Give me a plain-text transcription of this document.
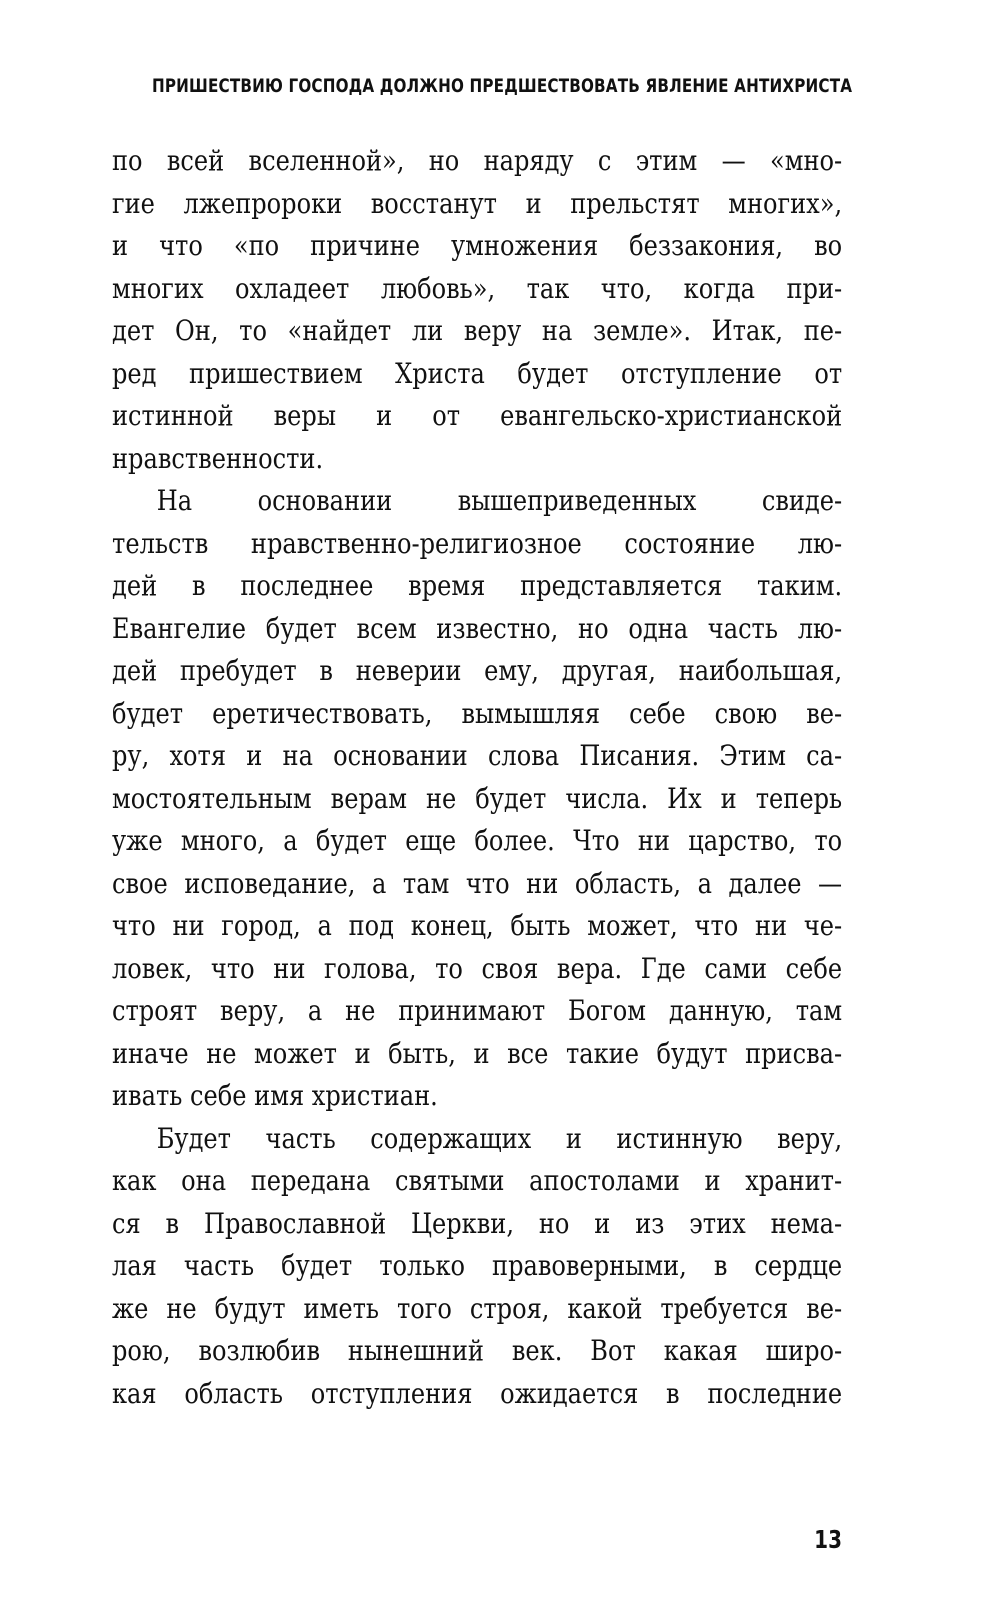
ПРИШЕСТВИЮ ГОСПОДА ДОЛЖНО ПРЕДШЕСТВОВАТЬ ЯВЛЕНИЕ АНТИХРИСТА
по всей вселенной», но наряду с этим — «мно-
гие лжепророки восстанут и прельстят многих»,
и что «по причине умножения беззакония, во
многих охладеет любовь», так что, когда при-
дет Он, то «найдет ли веру на земле». Итак, пе-
ред пришествием Христа будет отступление от
истинной веры и от евангельско-христианской
нравственности.
На основании вышеприведенных свиде-
тельств нравственно-религиозное состояние лю-
дей в последнее время представляется таким.
Евангелие будет всем известно, но одна часть лю-
дей пребудет в неверии ему, другая, наибольшая,
будет еретичествовать, вымышляя себе свою ве-
ру, хотя и на основании слова Писания. Этим са-
мостоятельным верам не будет числа. Их и теперь
уже много, а будет еще более. Что ни царство, то
свое исповедание, а там что ни область, а далее —
что ни город, а под конец, быть может, что ни че-
ловек, что ни голова, то своя вера. Где сами себе
строят веру, а не принимают Богом данную, там
иначе не может и быть, и все такие будут присва-
ивать себе имя христиан.
Будет часть содержащих и истинную веру,
как она передана святыми апостолами и хранит-
ся в Православной Церкви, но и из этих нема-
лая часть будет только правоверными, в сердце
же не будут иметь того строя, какой требуется ве-
рою, возлюбив нынешний век. Вот какая широ-
кая область отступления ожидается в последние
13
